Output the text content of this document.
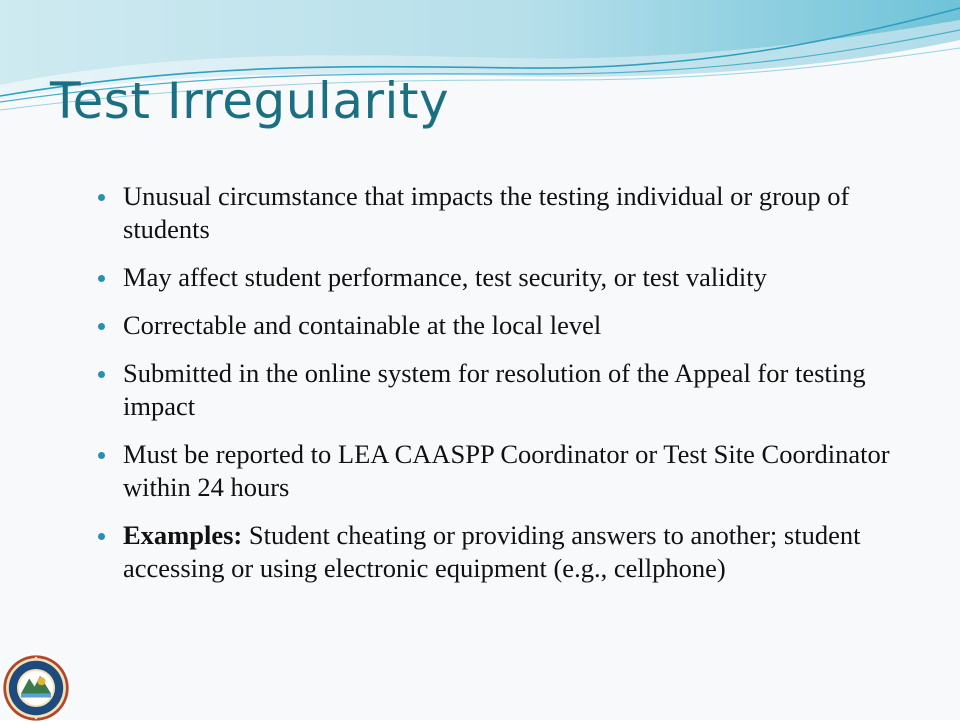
Test Irregularity
Unusual circumstance that impacts the testing individual or group of students
May affect student performance, test security, or test validity
Correctable and containable at the local level
Submitted in the online system for resolution of the Appeal for testing impact
Must be reported to LEA CAASPP Coordinator or Test Site Coordinator within 24 hours
Examples: Student cheating or providing answers to another; student accessing or using electronic equipment (e.g., cellphone)
